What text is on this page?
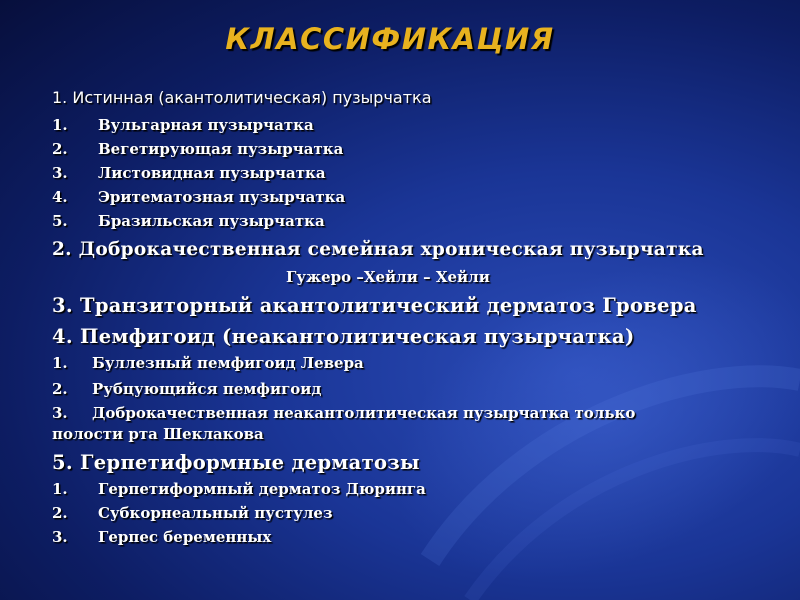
КЛАССИФИКАЦИЯ
1. Истинная (акантолитическая) пузырчатка
1. Вульгарная пузырчатка
2. Вегетирующая пузырчатка
3. Листовидная пузырчатка
4. Эритематозная пузырчатка
5. Бразильская пузырчатка
2. Доброкачественная семейная хроническая пузырчатка
Гужеро –Хейли – Хейли
3. Транзиторный акантолитический дерматоз Гровера
4. Пемфигоид (неакантолитическая пузырчатка)
1. Буллезный пемфигоид Левера
2. Рубцующийся пемфигоид
3. Доброкачественная неакантолитическая пузырчатка только
полости рта Шеклакова
5. Герпетиформные дерматозы
1. Герпетиформный дерматоз Дюринга
2. Субкорнеальный пустулез
3. Герпес беременных
